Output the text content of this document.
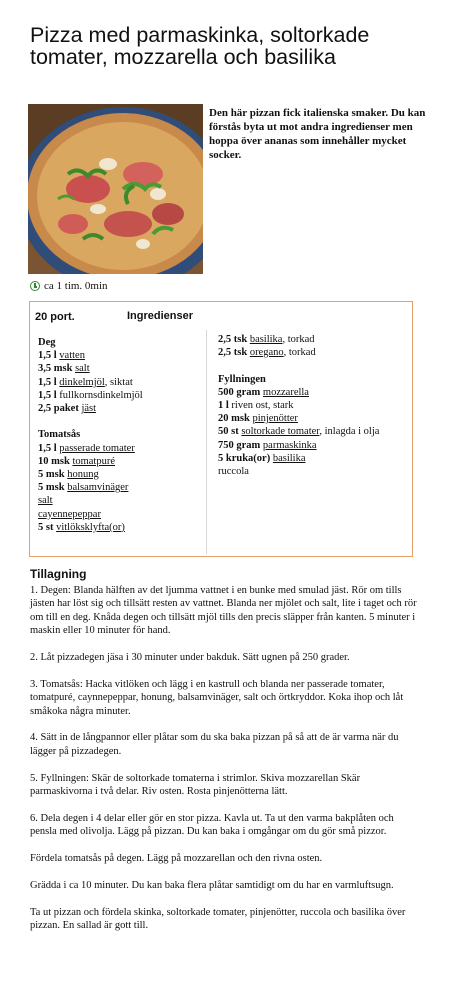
Pizza med parmaskinka, soltorkade tomater, mozzarella och basilika

Den här pizzan fick italienska smaker. Du kan förstås byta ut mot andra ingredienser men hoppa över ananas som innehåller mycket socker.

ca 1 tim. 0min
20 port.	Ingredienser
Deg
1,5 l vatten
3,5 msk salt
1,5 l dinkelmjöl, siktat
1,5 l fullkornsdinkelmjöl
2,5 paket jäst
Tomatsås
1,5 l passerade tomater
10 msk tomatpuré
5 msk honung
5 msk balsamvinäger
salt
cayennepeppar
5 st vitlöksklyfta(or)
2,5 tsk basilika, torkad
2,5 tsk oregano, torkad
Fyllningen
500 gram mozzarella
1 l riven ost, stark
20 msk pinjenötter
50 st soltorkade tomater, inlagda i olja
750 gram parmaskinka
5 kruka(or) basilika
ruccola
Tillagning

1. Degen: Blanda hälften av det ljumma vattnet i en bunke med smulad jäst. Rör om tills jästen har löst sig och tillsätt resten av vattnet. Blanda ner mjölet och salt, lite i taget och rör om till en deg. Knåda degen och tillsätt mjöl tills den precis släpper från kanten. 5 minuter i maskin eller 10 minuter för hand.

2. Låt pizzadegen jäsa i 30 minuter under bakduk. Sätt ugnen på 250 grader.

3. Tomatsås: Hacka vitlöken och lägg i en kastrull och blanda ner passerade tomater, tomatpuré, caynnepeppar, honung, balsamvinäger, salt och örtkryddor. Koka ihop och låt småkoka några minuter.

4. Sätt in de långpannor eller plåtar som du ska baka pizzan på så att de är varma när du lägger på pizzadegen.

5. Fyllningen: Skär de soltorkade tomaterna i strimlor. Skiva mozzarellan Skär parmaskivorna i två delar. Riv osten. Rosta pinjenötterna lätt.

6. Dela degen i 4 delar eller gör en stor pizza. Kavla ut. Ta ut den varma bakplåten och pensla med olivolja. Lägg på pizzan. Du kan baka i omgångar om du gör små pizzor.

Fördela tomatsås på degen. Lägg på mozzarellan och den rivna osten.

Grädda i ca 10 minuter. Du kan baka flera plåtar samtidigt om du har en varmluftsugn.

Ta ut pizzan och fördela skinka, soltorkade tomater, pinjenötter, ruccola och basilika över pizzan. En sallad är gott till.
